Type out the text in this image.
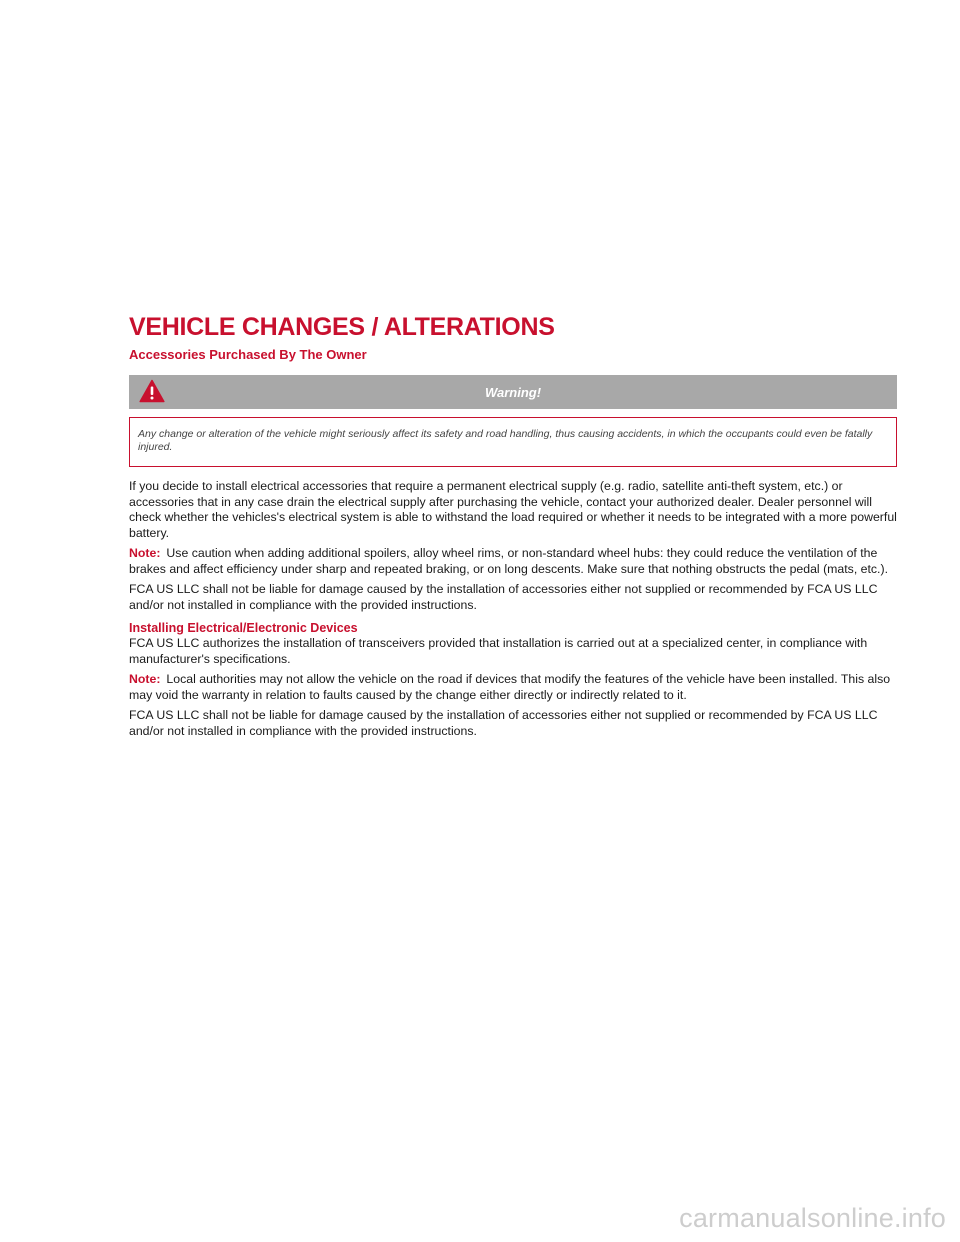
VEHICLE CHANGES / ALTERATIONS
Accessories Purchased By The Owner
Warning!
Any change or alteration of the vehicle might seriously affect its safety and road handling, thus causing accidents, in which the occupants could even be fatally injured.

If you decide to install electrical accessories that require a permanent electrical supply (e.g. radio, satellite anti-theft system, etc.) or accessories that in any case drain the electrical supply after purchasing the vehicle, contact your authorized dealer. Dealer personnel will check whether the vehicles's electrical system is able to withstand the load required or whether it needs to be integrated with a more powerful battery.

Note: Use caution when adding additional spoilers, alloy wheel rims, or non-standard wheel hubs: they could reduce the ventilation of the brakes and affect efficiency under sharp and repeated braking, or on long descents. Make sure that nothing obstructs the pedal (mats, etc.).

FCA US LLC shall not be liable for damage caused by the installation of accessories either not supplied or recommended by FCA US LLC and/or not installed in compliance with the provided instructions.

Installing Electrical/Electronic Devices

FCA US LLC authorizes the installation of transceivers provided that installation is carried out at a specialized center, in compliance with manufacturer's specifications.

Note: Local authorities may not allow the vehicle on the road if devices that modify the features of the vehicle have been installed. This also may void the warranty in relation to faults caused by the change either directly or indirectly related to it.

FCA US LLC shall not be liable for damage caused by the installation of accessories either not supplied or recommended by FCA US LLC and/or not installed in compliance with the provided instructions.

carmanualsonline.info
